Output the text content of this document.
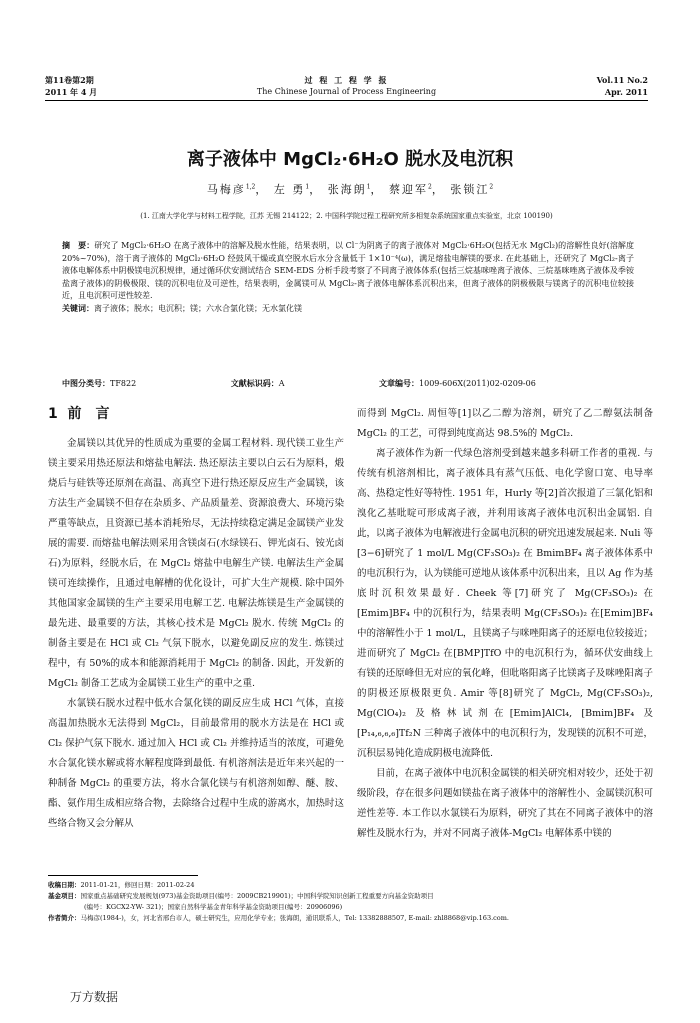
第11卷第2期
2011 年 4 月
过 程 工 程 学 报
The Chinese Journal of Process Engineering
Vol.11 No.2
Apr. 2011
离子液体中 MgCl₂·6H₂O 脱水及电沉积
马梅彦$^{1,2}$， 左 勇$^1$， 张海朗$^1$， 蔡迎军$^2$， 张锁江$^2$
(1. 江南大学化学与材料工程学院，江苏 无锡 214122；2. 中国科学院过程工程研究所多相复杂系统国家重点实验室，北京 100190)
摘　要：研究了 MgCl₂·6H₂O 在离子液体中的溶解及脱水性能，结果表明，以 Cl⁻为阴离子的离子液体对 MgCl₂·6H₂O(包括无水 MgCl₂)的溶解性良好(溶解度 20%~70%)，溶于离子液体的 MgCl₂·6H₂O 经鼓风干燥或真空脱水后水分含量低于 1×10⁻⁴(ω)，满足熔盐电解镁的要求. 在此基础上，还研究了 MgCl₂-离子液体电解体系中阴极镁电沉积规律，通过循环伏安测试结合 SEM-EDS 分析手段考察了不同离子液体体系(包括三烷基咪唑离子液体、三烷基咪唑离子液体及季铵盐离子液体)的阴极极限、镁的沉积电位及可逆性，结果表明，金属镁可从 MgCl₂-离子液体电解体系沉积出来，但离子液体的阴极极限与镁离子的沉积电位较接近，且电沉积可逆性较差.
关键词：离子液体；脱水；电沉积；镁；六水合氯化镁；无水氯化镁
中图分类号：TF822	文献标识码：A	文章编号：1009-606X(2011)02-0209-06
1 前　言

金属镁以其优异的性质成为重要的金属工程材料. 现代镁工业生产镁主要采用热还原法和熔盐电解法. 热还原法主要以白云石为原料，煅烧后与硅铁等还原剂在高温、高真空下进行热还原反应生产金属镁，该方法生产金属镁不但存在杂质多、产品质量差、资源浪费大、环境污染严重等缺点，且资源已基本消耗殆尽，无法持续稳定满足金属镁产业发展的需要. 而熔盐电解法则采用含镁卤石(水绿镁石、钾光卤石、铵光卤石)为原料，经脱水后，在 MgCl₂ 熔盐中电解生产镁. 电解法生产金属镁可连续操作，且通过电解槽的优化设计，可扩大生产规模. 除中国外其他国家金属镁的生产主要采用电解工艺. 电解法炼镁是生产金属镁的最先进、最重要的方法，其核心技术是 MgCl₂ 脱水. 传统 MgCl₂ 的制备主要是在 HCl 或 Cl₂ 气氛下脱水，以避免副反应的发生. 炼镁过程中，有 50%的成本和能源消耗用于 MgCl₂ 的制备. 因此，开发新的 MgCl₂ 制备工艺成为金属镁工业生产的重中之重.

水氯镁石脱水过程中低水合氯化镁的副反应生成 HCl 气体，直接高温加热脱水无法得到 MgCl₂，目前最常用的脱水方法是在 HCl 或 Cl₂ 保护气氛下脱水. 通过加入 HCl 或 Cl₂ 并维持适当的浓度，可避免水合氯化镁水解或将水解程度降到最低. 有机溶剂法是近年来兴起的一种制备 MgCl₂ 的重要方法，将水合氯化镁与有机溶剂如醇、醚、胺、酯、氨作用生成相应络合物，去除络合过程中生成的游离水，加热时这些络合物又会分解从

而得到 MgCl₂. 周恒等[1]以乙二醇为溶剂，研究了乙二醇氨法制备 MgCl₂ 的工艺，可得到纯度高达 98.5%的 MgCl₂.

离子液体作为新一代绿色溶剂受到越来越多科研工作者的重视. 与传统有机溶剂相比，离子液体具有蒸气压低、电化学窗口宽、电导率高、热稳定性好等特性. 1951 年，Hurly 等[2]首次报道了三氯化铝和溴化乙基吡啶可形成离子液，并利用该离子液体电沉积出金属铝. 自此，以离子液体为电解液进行金属电沉积的研究迅速发展起来. Nuli 等[3−6]研究了 1 mol/L Mg(CF₃SO₃)₂ 在 BmimBF₄ 离子液体体系中的电沉积行为，认为镁能可逆地从该体系中沉积出来，且以 Ag 作为基底时沉积效果最好. Cheek 等[7]研究了 Mg(CF₃SO₃)₂ 在[Emim]BF₄ 中的沉积行为，结果表明 Mg(CF₃SO₃)₂ 在[Emim]BF₄ 中的溶解性小于 1 mol/L，且镁离子与咪唑阳离子的还原电位较接近；进而研究了 MgCl₂ 在[BMP]TfO 中的电沉积行为，循环伏安曲线上有镁的还原峰但无对应的氧化峰，但吡咯阳离子比镁离子及咪唑阳离子的阴极还原极限更负. Amir 等[8]研究了 MgCl₂, Mg(CF₃SO₃)₂, Mg(ClO₄)₂ 及格林试剂在[Emim]AlCl₄, [Bmim]BF₄ 及[P₁₄,₆,₆,₆]Tf₂N 三种离子液体中的电沉积行为，发现镁的沉积不可逆，沉积层易钝化造成阴极电流降低.

目前，在离子液体中电沉积金属镁的相关研究相对较少，还处于初级阶段，存在很多问题如镁盐在离子液体中的溶解性小、金属镁沉积可逆性差等. 本工作以水氯镁石为原料，研究了其在不同离子液体中的溶解性及脱水行为，并对不同离子液体-MgCl₂ 电解体系中镁的

收稿日期：2011-01-21，修回日期：2011-02-24
基金项目：国家重点基础研究发展规划(973)基金资助项目(编号：2009CB219901)；中国科学院知识创新工程重要方向基金资助项目
(编号：KGCX2-YW- 321)；国家自然科学基金青年科学基金资助项目(编号：20906096)
作者简介：马梅彦(1984-)，女，河北省邢台市人，硕士研究生，应用化学专业；张海朗，通讯联系人，Tel: 13382888507, E-mail: zhl8868@vip.163.com.
万方数据
